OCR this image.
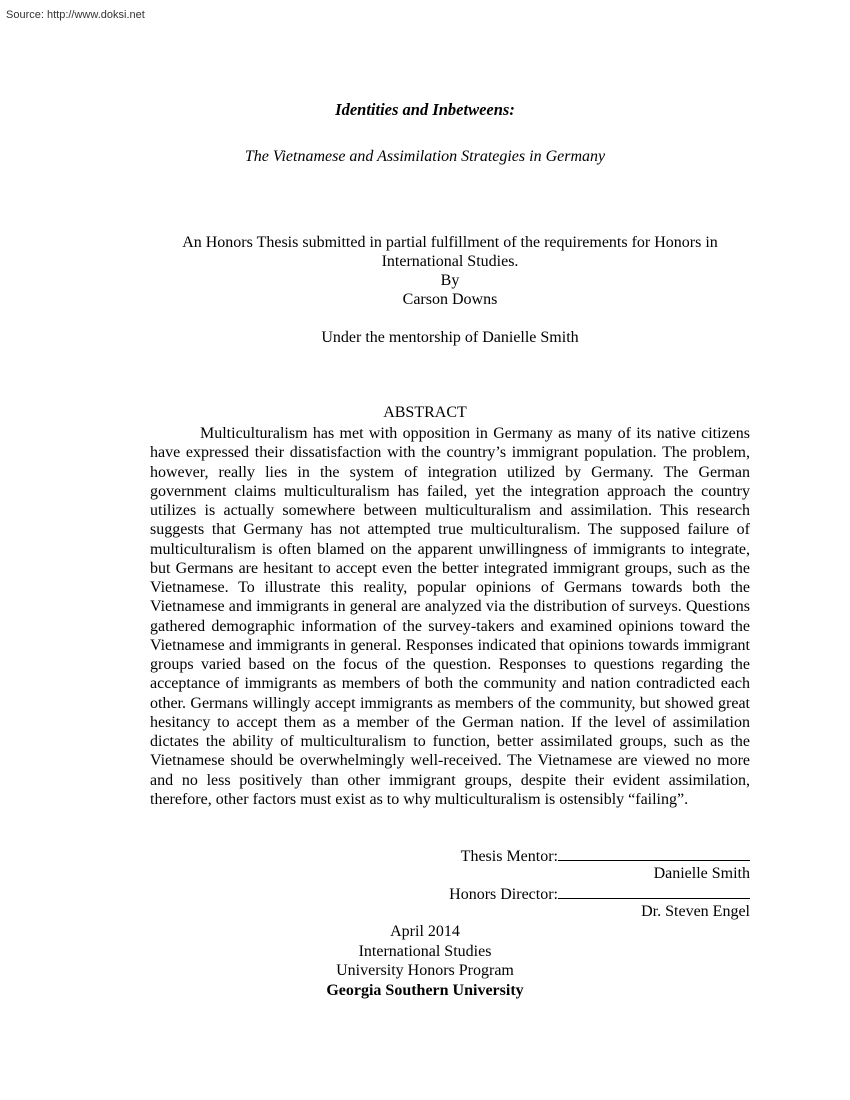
Source: http://www.doksi.net
Identities and Inbetweens:
The Vietnamese and Assimilation Strategies in Germany
An Honors Thesis submitted in partial fulfillment of the requirements for Honors in
International Studies.
By
Carson Downs
Under the mentorship of Danielle Smith
ABSTRACT
Multiculturalism has met with opposition in Germany as many of its native citizens have expressed their dissatisfaction with the country’s immigrant population. The problem, however, really lies in the system of integration utilized by Germany. The German government claims multiculturalism has failed, yet the integration approach the country utilizes is actually somewhere between multiculturalism and assimilation. This research suggests that Germany has not attempted true multiculturalism. The supposed failure of multiculturalism is often blamed on the apparent unwillingness of immigrants to integrate, but Germans are hesitant to accept even the better integrated immigrant groups, such as the Vietnamese. To illustrate this reality, popular opinions of Germans towards both the Vietnamese and immigrants in general are analyzed via the distribution of surveys. Questions gathered demographic information of the survey-takers and examined opinions toward the Vietnamese and immigrants in general. Responses indicated that opinions towards immigrant groups varied based on the focus of the question. Responses to questions regarding the acceptance of immigrants as members of both the community and nation contradicted each other. Germans willingly accept immigrants as members of the community, but showed great hesitancy to accept them as a member of the German nation. If the level of assimilation dictates the ability of multiculturalism to function, better assimilated groups, such as the Vietnamese should be overwhelmingly well-received. The Vietnamese are viewed no more and no less positively than other immigrant groups, despite their evident assimilation, therefore, other factors must exist as to why multiculturalism is ostensibly “failing”.
Thesis Mentor:
Danielle Smith
Honors Director:
Dr. Steven Engel
April 2014
International Studies
University Honors Program
Georgia Southern University
